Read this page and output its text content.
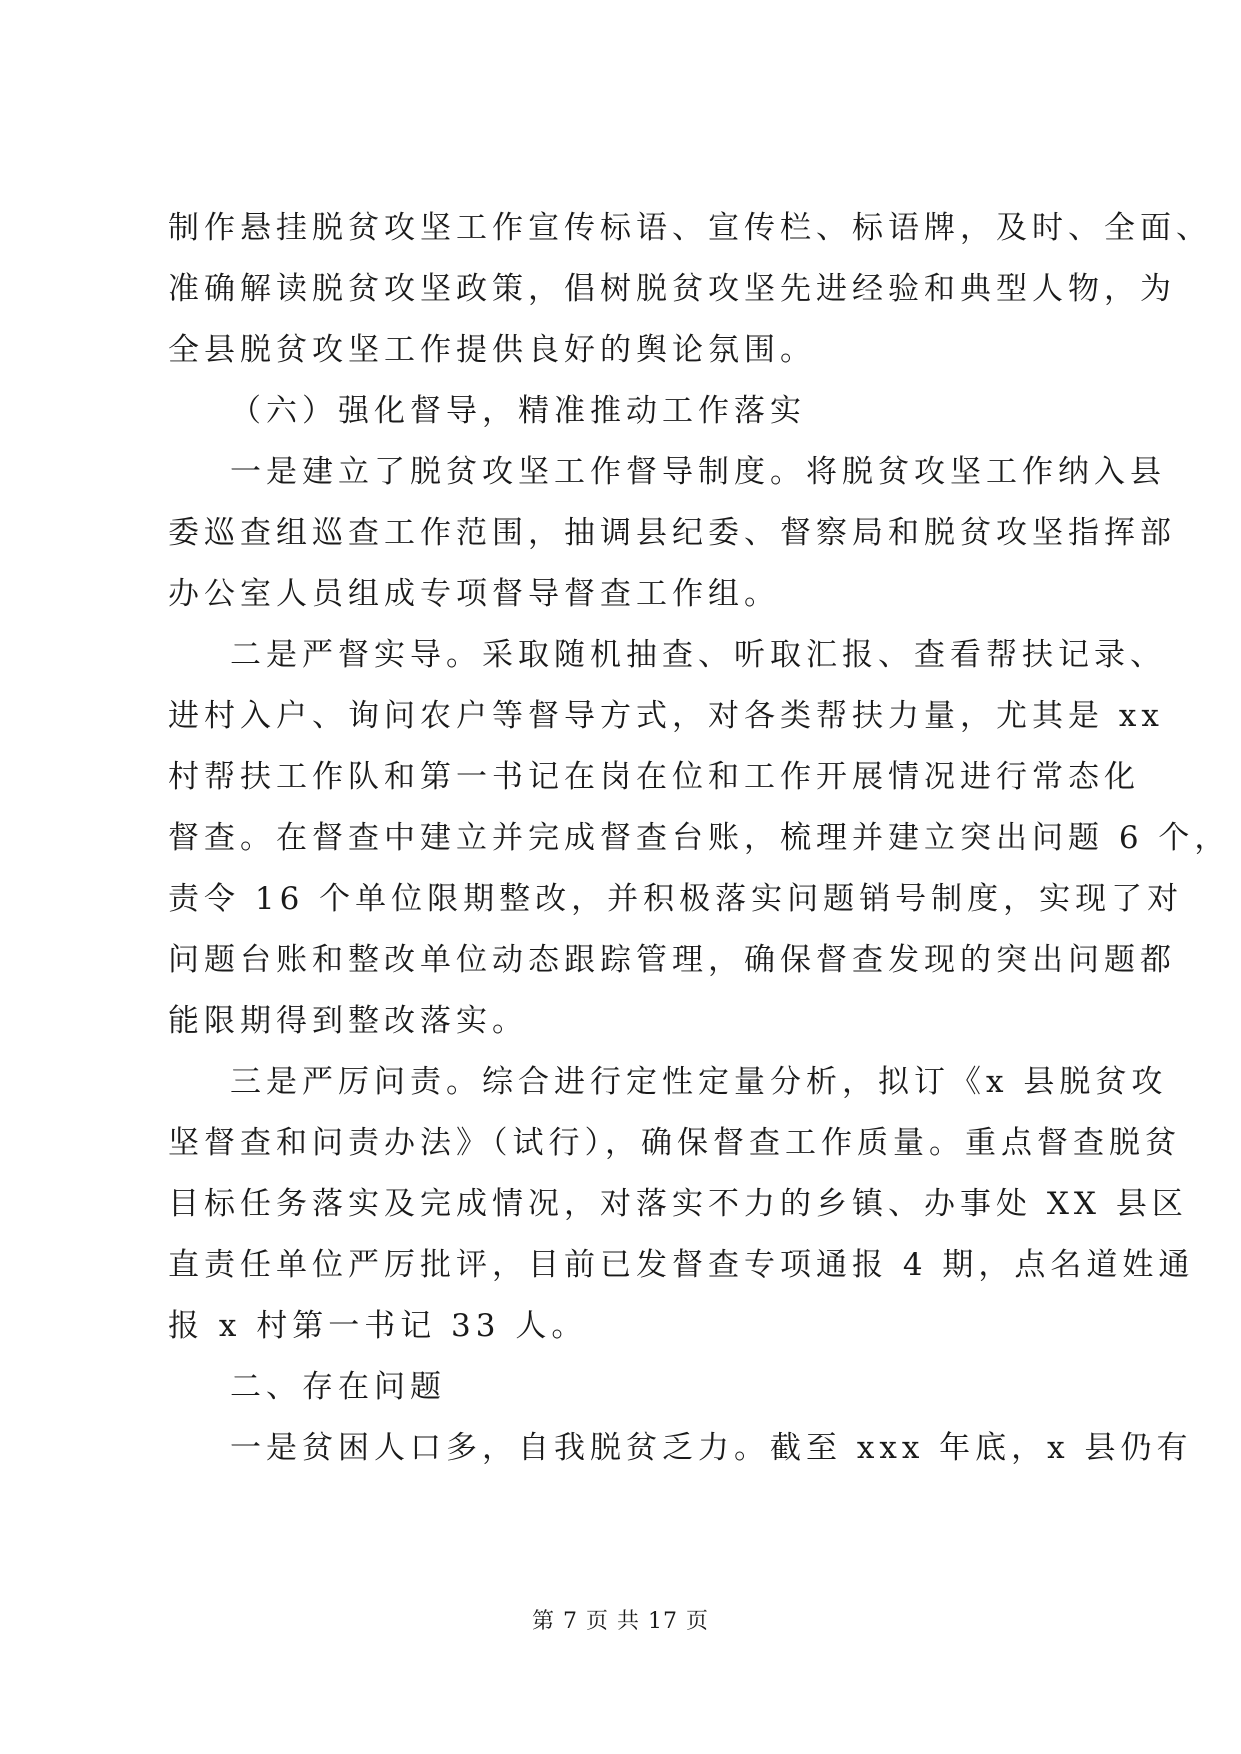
制作悬挂脱贫攻坚工作宣传标语、宣传栏、标语牌，及时、全面、
准确解读脱贫攻坚政策，倡树脱贫攻坚先进经验和典型人物，为
全县脱贫攻坚工作提供良好的舆论氛围。

（六）强化督导，精准推动工作落实

一是建立了脱贫攻坚工作督导制度。将脱贫攻坚工作纳入县
委巡查组巡查工作范围，抽调县纪委、督察局和脱贫攻坚指挥部
办公室人员组成专项督导督查工作组。

二是严督实导。采取随机抽查、听取汇报、查看帮扶记录、
进村入户、询问农户等督导方式，对各类帮扶力量，尤其是 xx
村帮扶工作队和第一书记在岗在位和工作开展情况进行常态化
督查。在督查中建立并完成督查台账，梳理并建立突出问题 6 个，
责令 16 个单位限期整改，并积极落实问题销号制度，实现了对
问题台账和整改单位动态跟踪管理，确保督查发现的突出问题都
能限期得到整改落实。

三是严厉问责。综合进行定性定量分析，拟订《x 县脱贫攻
坚督查和问责办法》（试行），确保督查工作质量。重点督查脱贫
目标任务落实及完成情况，对落实不力的乡镇、办事处 XX 县区
直责任单位严厉批评，目前已发督查专项通报 4 期，点名道姓通
报 x 村第一书记 33 人。

二、存在问题

一是贫困人口多，自我脱贫乏力。截至 xxx 年底，x 县仍有

第 7 页 共 17 页
